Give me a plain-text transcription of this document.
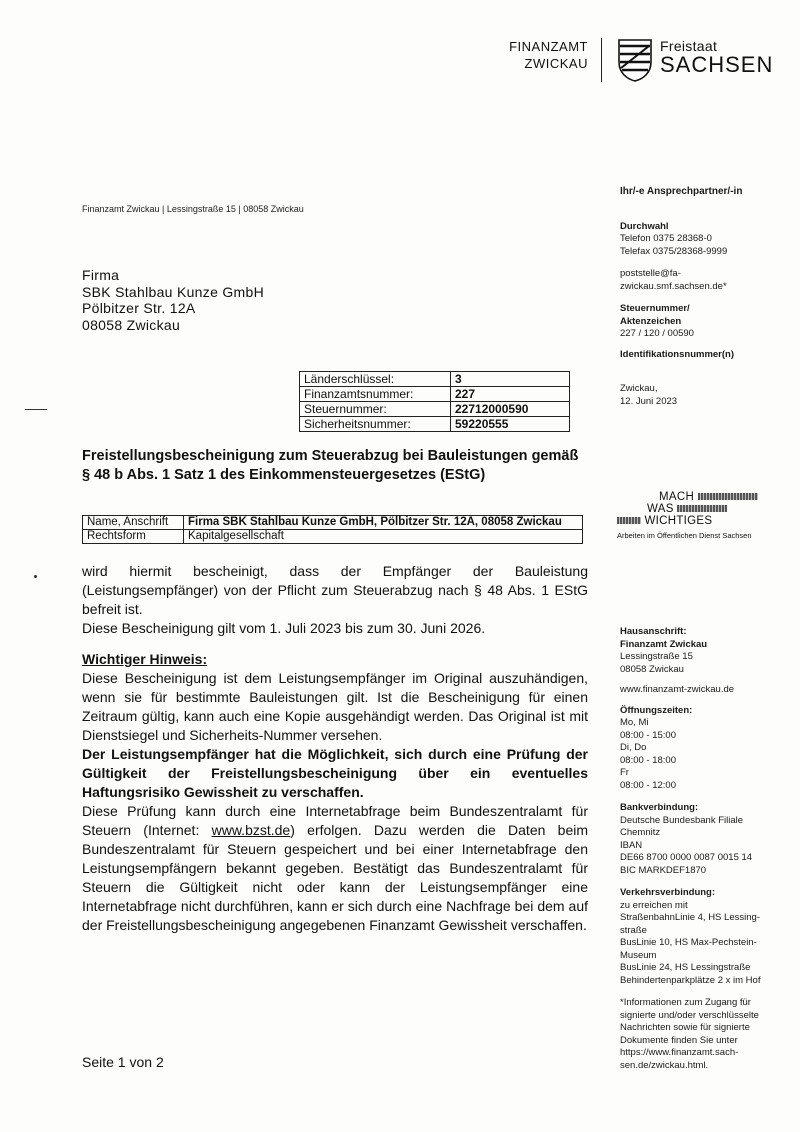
FINANZAMT
ZWICKAU
Freistaat
SACHSEN
Finanzamt Zwickau | Lessingstraße 15 | 08058 Zwickau
Firma
SBK Stahlbau Kunze GmbH
Pölbitzer Str. 12A
08058 Zwickau
Ihr/-e Ansprechpartner/-in
Durchwahl
Telefon 0375 28368-0
Telefax 0375/28368-9999
poststelle@fa-
zwickau.smf.sachsen.de*
Steuernummer/
Aktenzeichen
227 / 120 / 00590
Identifikationsnummer(n)
Zwickau,
12. Juni 2023
Länderschlüssel:	3
Finanzamtsnummer:	227
Steuernummer:	22712000590
Sicherheitsnummer:	59220555
Freistellungsbescheinigung zum Steuerabzug bei Bauleistungen gemäß
§ 48 b Abs. 1 Satz 1 des Einkommensteuergesetzes (EStG)
MACH
WAS
WICHTIGES
Arbeiten im Öffentlichen Dienst Sachsen
Name, Anschrift	Firma SBK Stahlbau Kunze GmbH, Pölbitzer Str. 12A, 08058 Zwickau
Rechtsform	Kapitalgesellschaft
wird hiermit bescheinigt, dass der Empfänger der Bauleistung (Leistungsempfänger) von der Pflicht zum Steuerabzug nach § 48 Abs. 1 EStG befreit ist.
Diese Bescheinigung gilt vom 1. Juli 2023 bis zum 30. Juni 2026.

Wichtiger Hinweis:

Diese Bescheinigung ist dem Leistungsempfänger im Original auszuhändigen, wenn sie für bestimmte Bauleistungen gilt. Ist die Bescheinigung für einen Zeitraum gültig, kann auch eine Kopie ausgehändigt werden. Das Original ist mit Dienstsiegel und Sicherheits-Nummer versehen.

Der Leistungsempfänger hat die Möglichkeit, sich durch eine Prüfung der Gültigkeit der Freistellungsbescheinigung über ein eventuelles Haftungsrisiko Gewissheit zu verschaffen.

Diese Prüfung kann durch eine Internetabfrage beim Bundeszentralamt für Steuern (Internet: www.bzst.de) erfolgen. Dazu werden die Daten beim Bundeszentralamt für Steuern gespeichert und bei einer Internetabfrage den Leistungsempfängern bekannt gegeben. Bestätigt das Bundeszentralamt für Steuern die Gültigkeit nicht oder kann der Leistungsempfänger eine Internetabfrage nicht durchführen, kann er sich durch eine Nachfrage bei dem auf der Freistellungsbescheinigung angegebenen Finanzamt Gewissheit verschaffen.

Hausanschrift:
Finanzamt Zwickau
Lessingstraße 15
08058 Zwickau
www.finanzamt-zwickau.de
Öffnungszeiten:
Mo, Mi
08:00 - 15:00
Di, Do
08:00 - 18:00
Fr
08:00 - 12:00
Bankverbindung:
Deutsche Bundesbank Filiale
Chemnitz
IBAN
DE66 8700 0000 0087 0015 14
BIC MARKDEF1870
Verkehrsverbindung:
zu erreichen mit
StraßenbahnLinie 4, HS Lessing-
straße
BusLinie 10, HS Max-Pechstein-
Museum
BusLinie 24, HS Lessingstraße
Behindertenparkplätze 2 x im Hof
*Informationen zum Zugang für
signierte und/oder verschlüsselte
Nachrichten sowie für signierte
Dokumente finden Sie unter
https://www.finanzamt.sach-
sen.de/zwickau.html.
Seite 1 von 2
